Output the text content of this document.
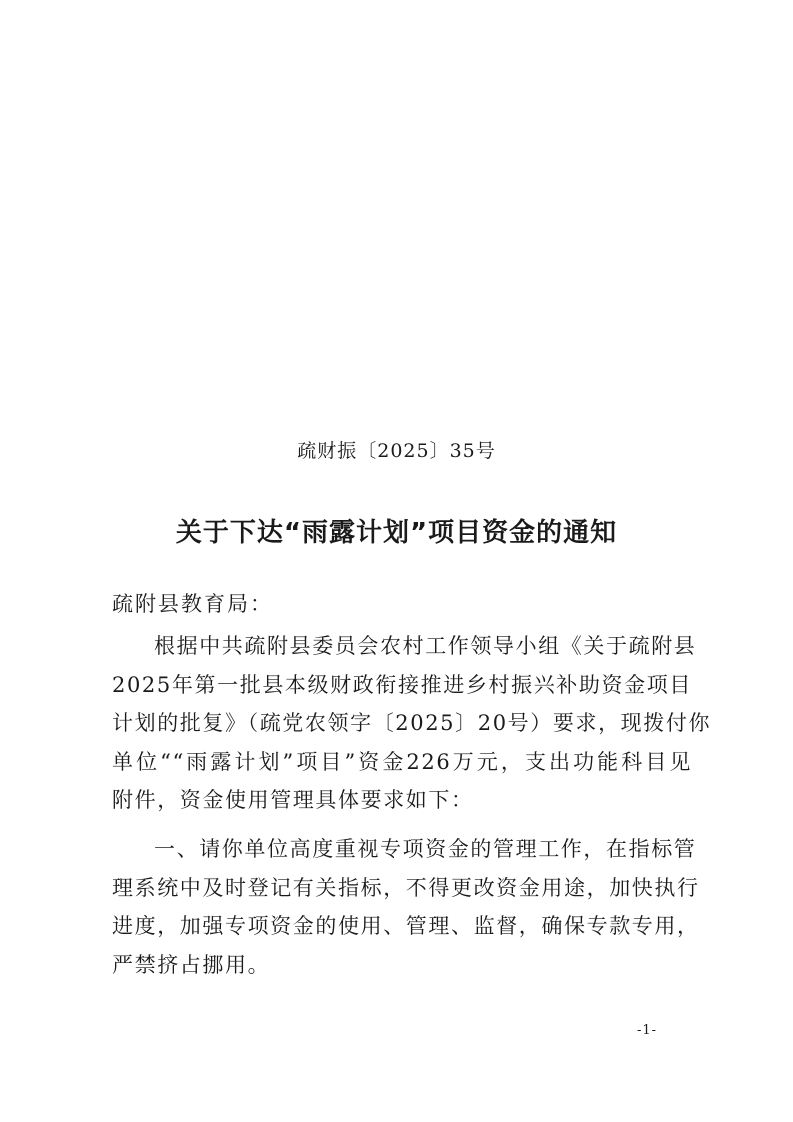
疏财振〔2025〕35号
关于下达“雨露计划”项目资金的通知
疏附县教育局：
根据中共疏附县委员会农村工作领导小组《关于疏附县
2025年第一批县本级财政衔接推进乡村振兴补助资金项目
计划的批复》（疏党农领字〔2025〕20号）要求，现拨付你
单位““雨露计划”项目”资金226万元，支出功能科目见
附件，资金使用管理具体要求如下：
一、请你单位高度重视专项资金的管理工作，在指标管
理系统中及时登记有关指标，不得更改资金用途，加快执行
进度，加强专项资金的使用、管理、监督，确保专款专用，
严禁挤占挪用。
-1-
